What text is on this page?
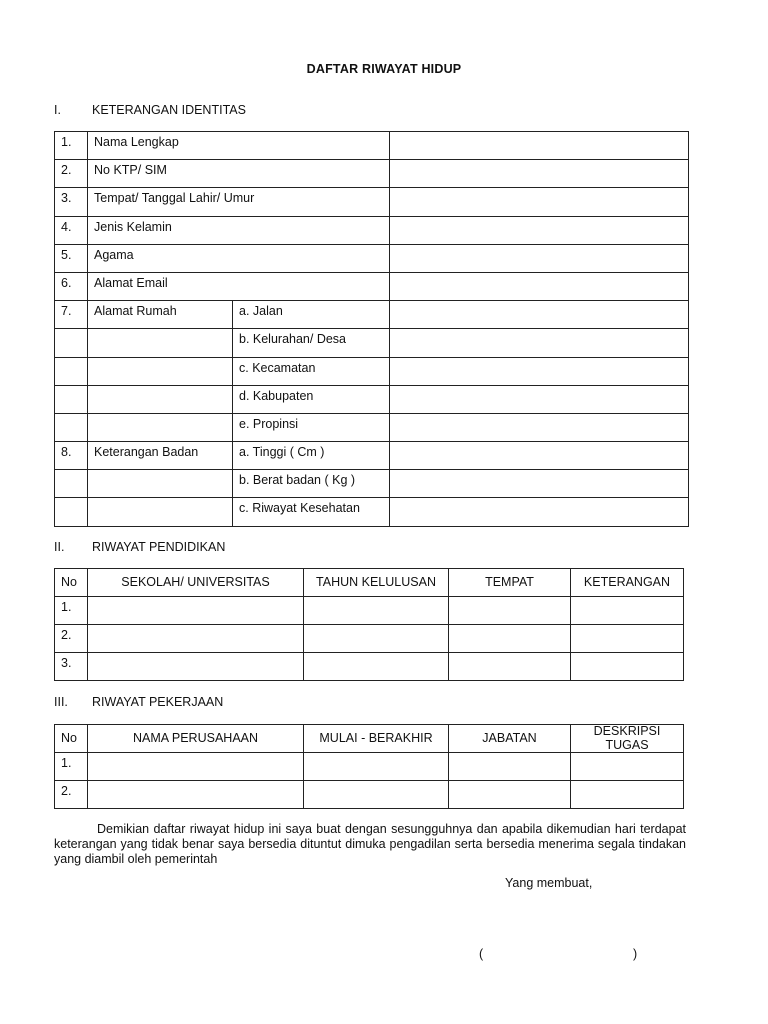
DAFTAR RIWAYAT HIDUP
I. KETERANGAN IDENTITAS
1.	Nama Lengkap		
2.	No KTP/ SIM		
3.	Tempat/ Tanggal Lahir/ Umur		
4.	Jenis Kelamin		
5.	Agama		
6.	Alamat Email		
7.	Alamat Rumah	a. Jalan	
		b. Kelurahan/ Desa	
		c. Kecamatan	
		d. Kabupaten	
		e. Propinsi	
8.	Keterangan Badan	a. Tinggi ( Cm )	
		b. Berat badan ( Kg )	
		c. Riwayat Kesehatan	
II. RIWAYAT PENDIDIKAN
No	SEKOLAH/ UNIVERSITAS	TAHUN KELULUSAN	TEMPAT	KETERANGAN
1.				
2.				
3.				
III. RIWAYAT PEKERJAAN
No	NAMA PERUSAHAAN	MULAI - BERAKHIR	JABATAN	DESKRIPSI TUGAS
1.				
2.				
Demikian daftar riwayat hidup ini saya buat dengan sesungguhnya dan apabila dikemudian hari terdapat keterangan yang tidak benar saya bersedia dituntut dimuka pengadilan serta bersedia menerima segala tindakan yang diambil oleh pemerintah
Yang membuat,
(	)
